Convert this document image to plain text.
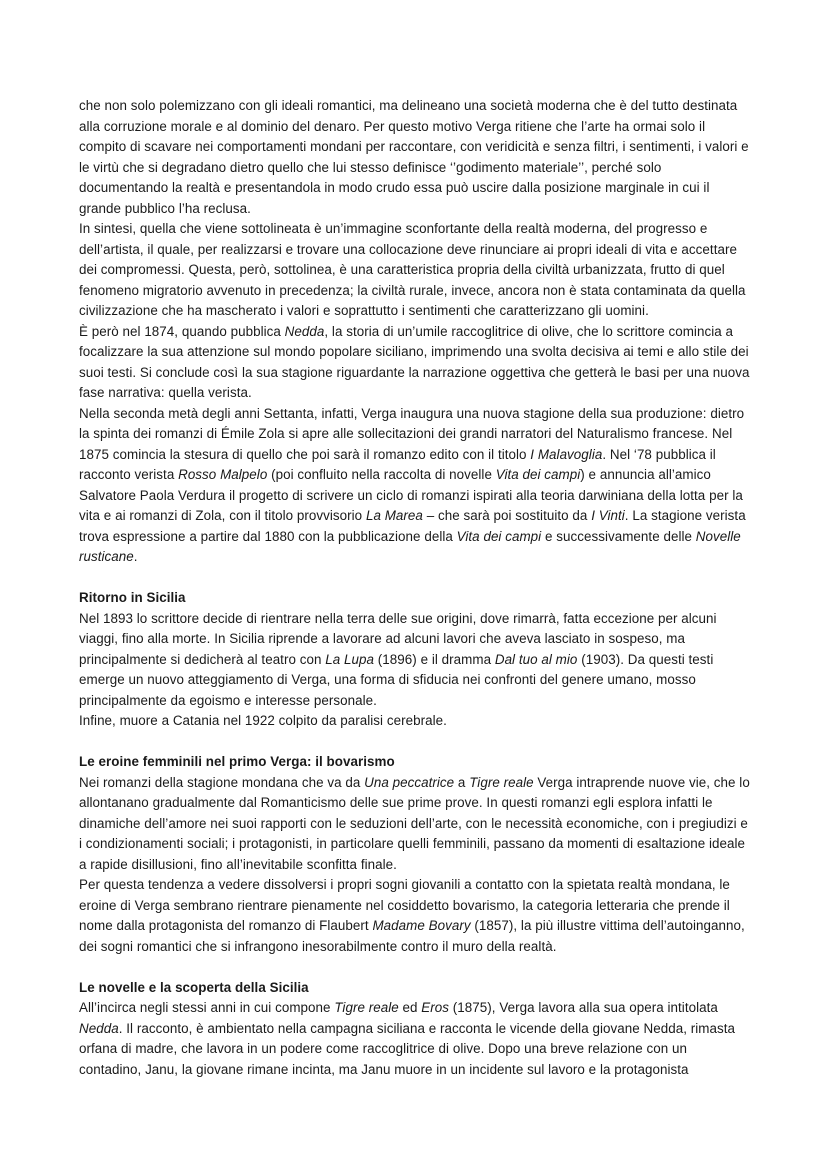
che non solo polemizzano con gli ideali romantici, ma delineano una società moderna che è del tutto destinata alla corruzione morale e al dominio del denaro. Per questo motivo Verga ritiene che l’arte ha ormai solo il compito di scavare nei comportamenti mondani per raccontare, con veridicità e senza filtri, i sentimenti, i valori e le virtù che si degradano dietro quello che lui stesso definisce ‘’godimento materiale’’, perché solo documentando la realtà e presentandola in modo crudo essa può uscire dalla posizione marginale in cui il grande pubblico l’ha reclusa.

In sintesi, quella che viene sottolineata è un’immagine sconfortante della realtà moderna, del progresso e dell’artista, il quale, per realizzarsi e trovare una collocazione deve rinunciare ai propri ideali di vita e accettare dei compromessi. Questa, però, sottolinea, è una caratteristica propria della civiltà urbanizzata, frutto di quel fenomeno migratorio avvenuto in precedenza; la civiltà rurale, invece, ancora non è stata contaminata da quella civilizzazione che ha mascherato i valori e soprattutto i sentimenti che caratterizzano gli uomini.

È però nel 1874, quando pubblica Nedda, la storia di un’umile raccoglitrice di olive, che lo scrittore comincia a focalizzare la sua attenzione sul mondo popolare siciliano, imprimendo una svolta decisiva ai temi e allo stile dei suoi testi. Si conclude così la sua stagione riguardante la narrazione oggettiva che getterà le basi per una nuova fase narrativa: quella verista.

Nella seconda metà degli anni Settanta, infatti, Verga inaugura una nuova stagione della sua produzione: dietro la spinta dei romanzi di Émile Zola si apre alle sollecitazioni dei grandi narratori del Naturalismo francese. Nel 1875 comincia la stesura di quello che poi sarà il romanzo edito con il titolo I Malavoglia. Nel ‘78 pubblica il racconto verista Rosso Malpelo (poi confluito nella raccolta di novelle Vita dei campi) e annuncia all’amico Salvatore Paola Verdura il progetto di scrivere un ciclo di romanzi ispirati alla teoria darwiniana della lotta per la vita e ai romanzi di Zola, con il titolo provvisorio La Marea – che sarà poi sostituito da I Vinti. La stagione verista trova espressione a partire dal 1880 con la pubblicazione della Vita dei campi e successivamente delle Novelle rusticane.

Ritorno in Sicilia

Nel 1893 lo scrittore decide di rientrare nella terra delle sue origini, dove rimarrà, fatta eccezione per alcuni viaggi, fino alla morte. In Sicilia riprende a lavorare ad alcuni lavori che aveva lasciato in sospeso, ma principalmente si dedicherà al teatro con La Lupa (1896) e il dramma Dal tuo al mio (1903). Da questi testi emerge un nuovo atteggiamento di Verga, una forma di sfiducia nei confronti del genere umano, mosso principalmente da egoismo e interesse personale.

Infine, muore a Catania nel 1922 colpito da paralisi cerebrale.

Le eroine femminili nel primo Verga: il bovarismo

Nei romanzi della stagione mondana che va da Una peccatrice a Tigre reale Verga intraprende nuove vie, che lo allontanano gradualmente dal Romanticismo delle sue prime prove. In questi romanzi egli esplora infatti le dinamiche dell’amore nei suoi rapporti con le seduzioni dell’arte, con le necessità economiche, con i pregiudizi e i condizionamenti sociali; i protagonisti, in particolare quelli femminili, passano da momenti di esaltazione ideale a rapide disillusioni, fino all’inevitabile sconfitta finale.

Per questa tendenza a vedere dissolversi i propri sogni giovanili a contatto con la spietata realtà mondana, le eroine di Verga sembrano rientrare pienamente nel cosiddetto bovarismo, la categoria letteraria che prende il nome dalla protagonista del romanzo di Flaubert Madame Bovary (1857), la più illustre vittima dell’autoinganno, dei sogni romantici che si infrangono inesorabilmente contro il muro della realtà.

Le novelle e la scoperta della Sicilia

All’incirca negli stessi anni in cui compone Tigre reale ed Eros (1875), Verga lavora alla sua opera intitolata Nedda. Il racconto, è ambientato nella campagna siciliana e racconta le vicende della giovane Nedda, rimasta orfana di madre, che lavora in un podere come raccoglitrice di olive. Dopo una breve relazione con un contadino, Janu, la giovane rimane incinta, ma Janu muore in un incidente sul lavoro e la protagonista
